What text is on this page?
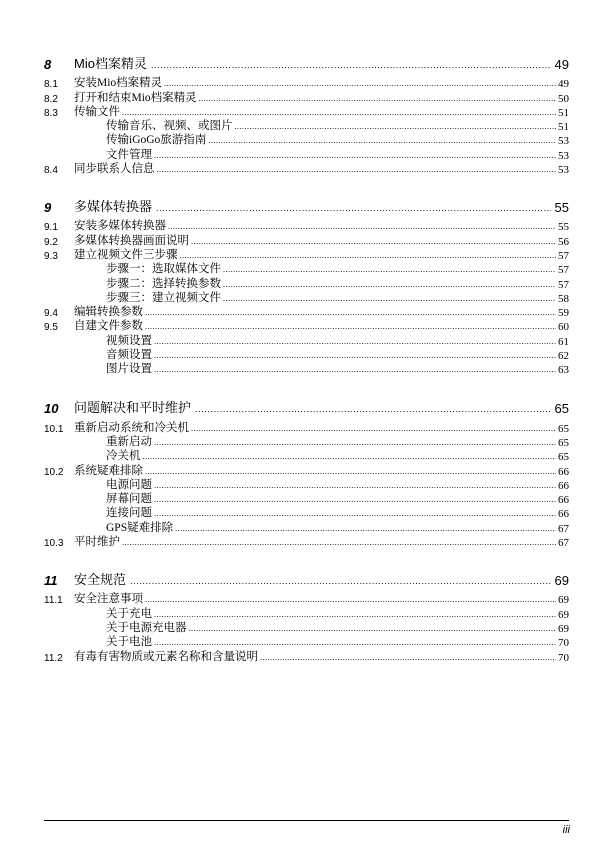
8	Mio档案精灵 .....	49
8.1	安装Mio档案精灵 .....	49
8.2	打开和结束Mio档案精灵 .....	50
8.3	传输文件 .....	51
传输音乐、视频、或图片 .....	51
传输iGoGo旅游指南 .....	53
文件管理 .....	53
8.4	同步联系人信息 .....	53
9	多媒体转换器 .....	55
9.1	安装多媒体转换器 .....	55
9.2	多媒体转换器画面说明 .....	56
9.3	建立视频文件三步骤 .....	57
步骤一：选取媒体文件 .....	57
步骤二：选择转换参数 .....	57
步骤三：建立视频文件 .....	58
9.4	编辑转换参数 .....	59
9.5	自建文件参数 .....	60
视频设置 .....	61
音频设置 .....	62
图片设置 .....	63
10	问题解决和平时维护 .....	65
10.1 重新启动系统和冷关机 .....	65
重新启动 .....	65
冷关机 .....	65
10.2 系统疑难排除 .....	66
电源问题 .....	66
屏幕问题 .....	66
连接问题 .....	66
GPS疑难排除 .....	67
10.3 平时维护 .....	67
11	安全规范 .....	69
11.1 安全注意事项 .....	69
关于充电 .....	69
关于电源充电器 .....	69
关于电池 .....	70
11.2 有毒有害物质或元素名称和含量说明 .....	70
iii
